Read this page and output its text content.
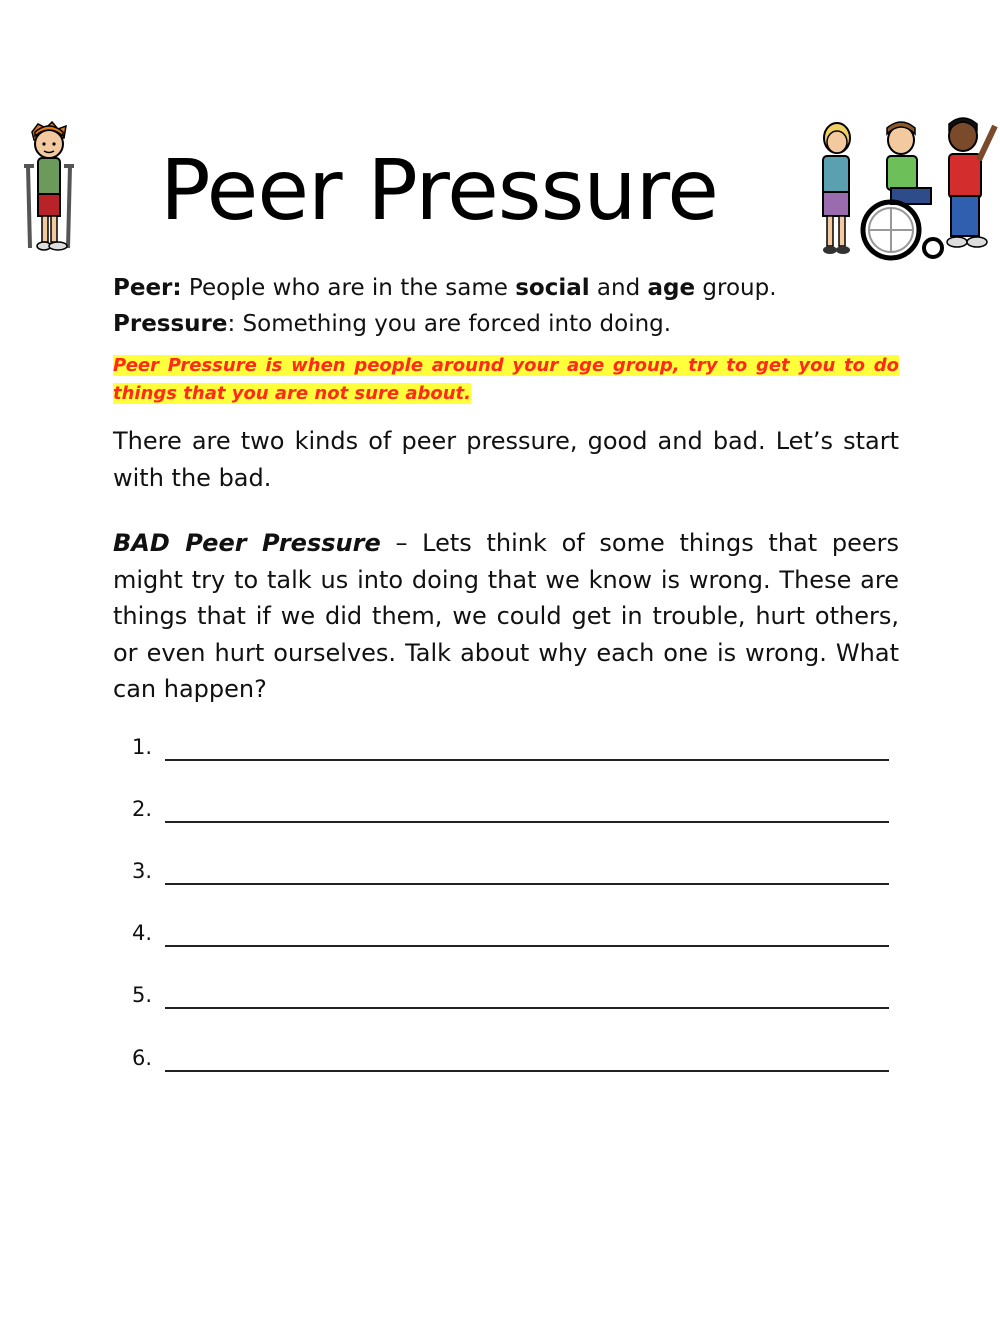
Peer Pressure
Peer: People who are in the same social and age group.
Pressure: Something you are forced into doing.
Peer Pressure is when people around your age group, try to get you to do things that you are not sure about.
There are two kinds of peer pressure, good and bad. Let’s start with the bad.
BAD Peer Pressure – Lets think of some things that peers might try to talk us into doing that we know is wrong. These are things that if we did them, we could get in trouble, hurt others, or even hurt ourselves. Talk about why each one is wrong. What can happen?
1.
2.
3.
4.
5.
6.
